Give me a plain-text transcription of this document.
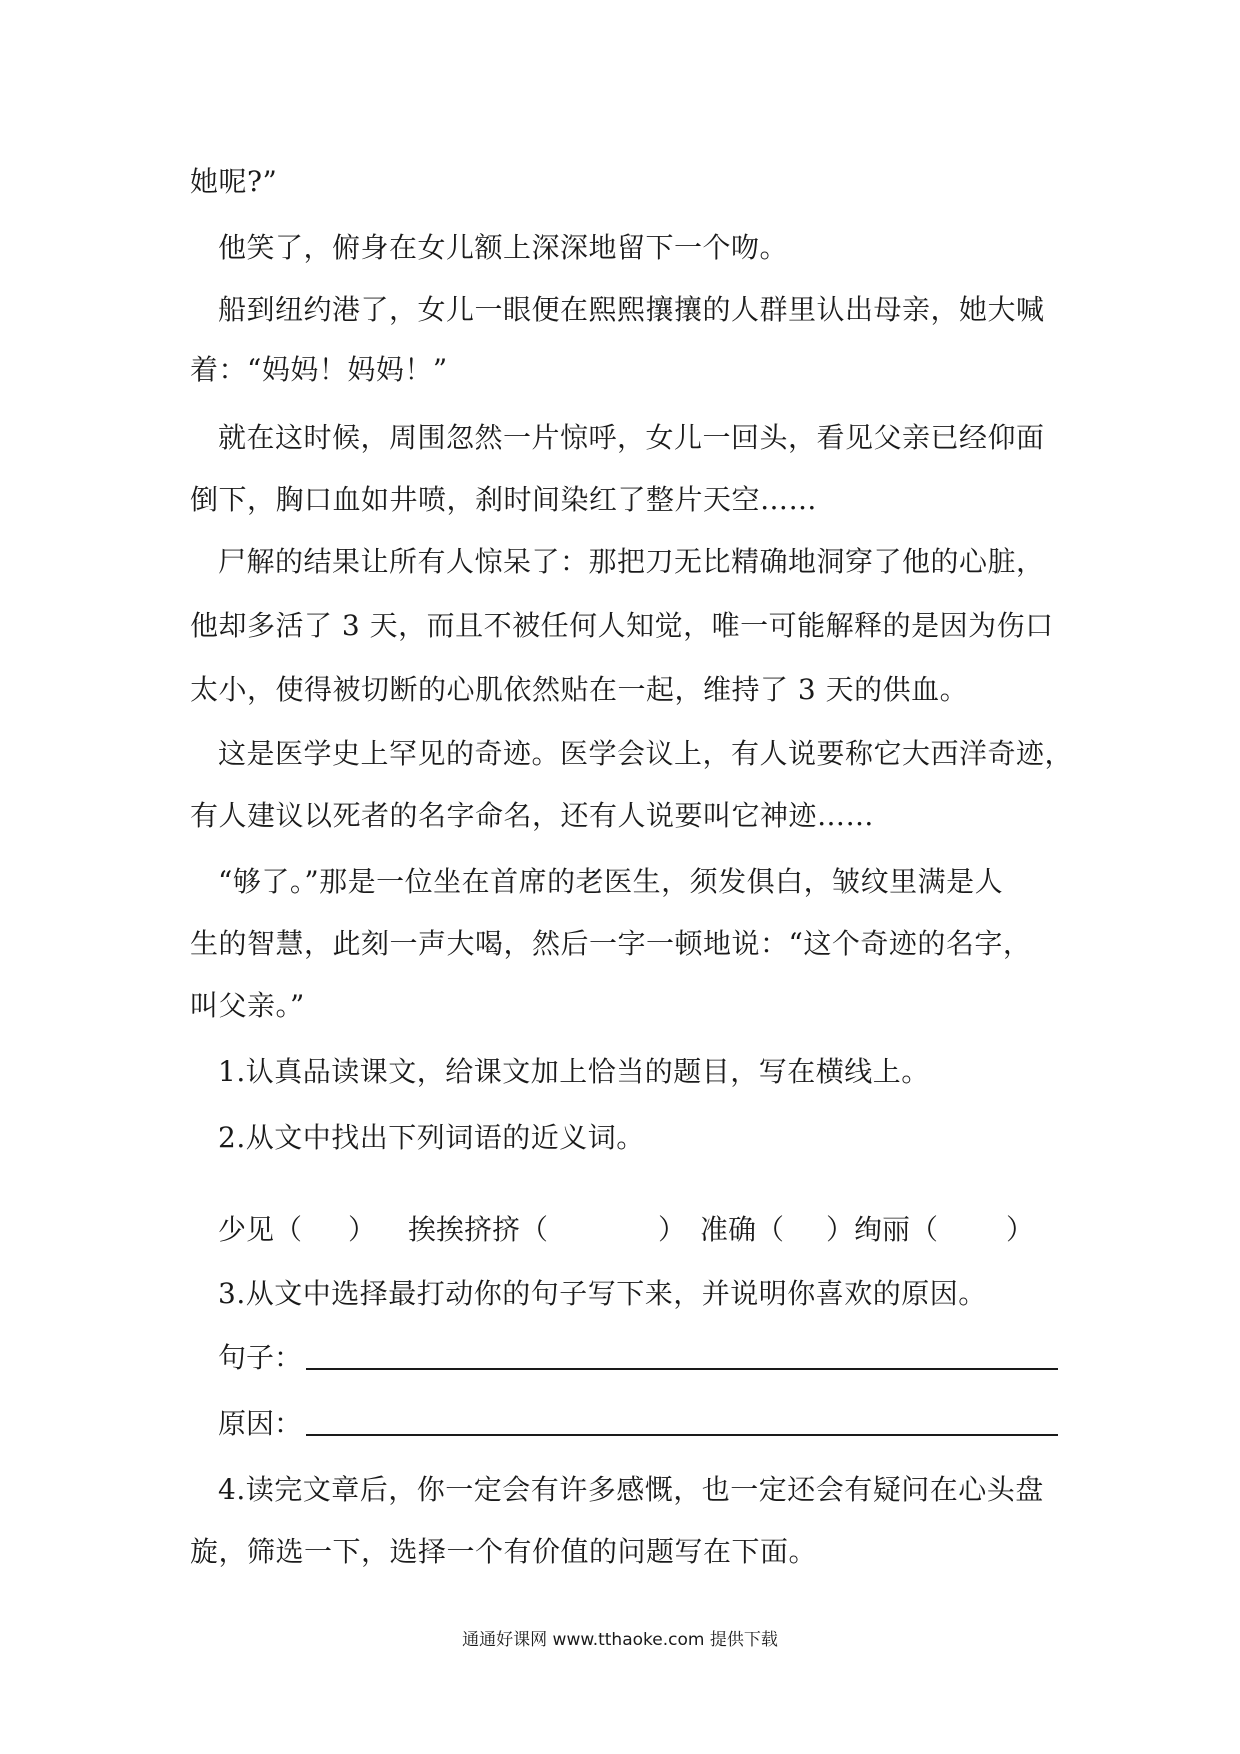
她呢?”
他笑了，俯身在女儿额上深深地留下一个吻。
船到纽约港了，女儿一眼便在熙熙攘攘的人群里认出母亲，她大喊
着：“妈妈！妈妈！”
就在这时候，周围忽然一片惊呼，女儿一回头，看见父亲已经仰面
倒下，胸口血如井喷，刹时间染红了整片天空……
尸解的结果让所有人惊呆了：那把刀无比精确地洞穿了他的心脏，
他却多活了 3 天，而且不被任何人知觉，唯一可能解释的是因为伤口
太小，使得被切断的心肌依然贴在一起，维持了 3 天的供血。
这是医学史上罕见的奇迹。医学会议上，有人说要称它大西洋奇迹，
有人建议以死者的名字命名，还有人说要叫它神迹……
“够了。”那是一位坐在首席的老医生，须发俱白，皱纹里满是人
生的智慧，此刻一声大喝，然后一字一顿地说：“这个奇迹的名字，
叫父亲。”
1.认真品读课文，给课文加上恰当的题目，写在横线上。
2.从文中找出下列词语的近义词。
少见（ ） 挨挨挤挤（	） 准确（ ）绚丽（ ）
3.从文中选择最打动你的句子写下来，并说明你喜欢的原因。
句子：
原因：
4.读完文章后，你一定会有许多感慨，也一定还会有疑问在心头盘
旋，筛选一下，选择一个有价值的问题写在下面。
通通好课网 www.tthaoke.com 提供下载
